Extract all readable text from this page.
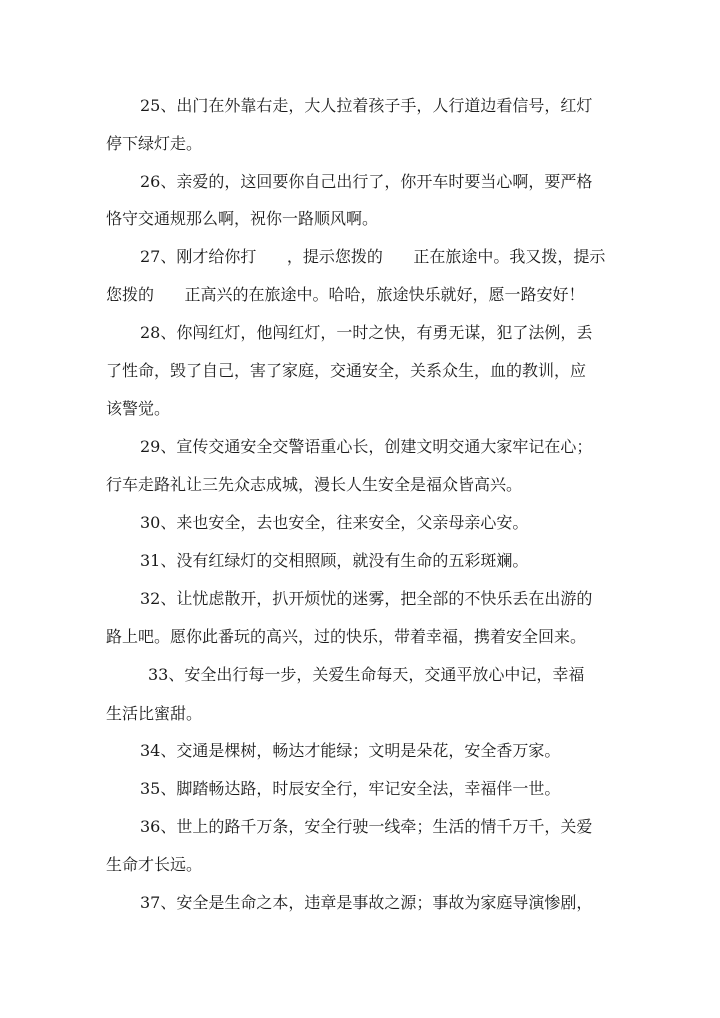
25、出门在外靠右走，大人拉着孩子手，人行道边看信号，红灯
停下绿灯走。
26、亲爱的，这回要你自己出行了，你开车时要当心啊，要严格
恪守交通规那么啊，祝你一路顺风啊。
27、刚才给你打      ，提示您拨的      正在旅途中。我又拨，提示
您拨的      正高兴的在旅途中。哈哈，旅途快乐就好，愿一路安好！
28、你闯红灯，他闯红灯，一时之快，有勇无谋，犯了法例，丢
了性命，毁了自己，害了家庭，交通安全，关系众生，血的教训，应
该警觉。
29、宣传交通安全交警语重心长，创建文明交通大家牢记在心；
行车走路礼让三先众志成城，漫长人生安全是福众皆高兴。
30、来也安全，去也安全，往来安全，父亲母亲心安。
31、没有红绿灯的交相照顾，就没有生命的五彩斑斓。
32、让忧虑散开，扒开烦忧的迷雾，把全部的不快乐丢在出游的
路上吧。愿你此番玩的高兴，过的快乐，带着幸福，携着安全回来。
33、安全出行每一步，关爱生命每天，交通平放心中记，幸福
生活比蜜甜。
34、交通是棵树，畅达才能绿；文明是朵花，安全香万家。
35、脚踏畅达路，时辰安全行，牢记安全法，幸福伴一世。
36、世上的路千万条，安全行驶一线牵；生活的情千万千，关爱
生命才长远。
37、安全是生命之本，违章是事故之源；事故为家庭导演惨剧，
